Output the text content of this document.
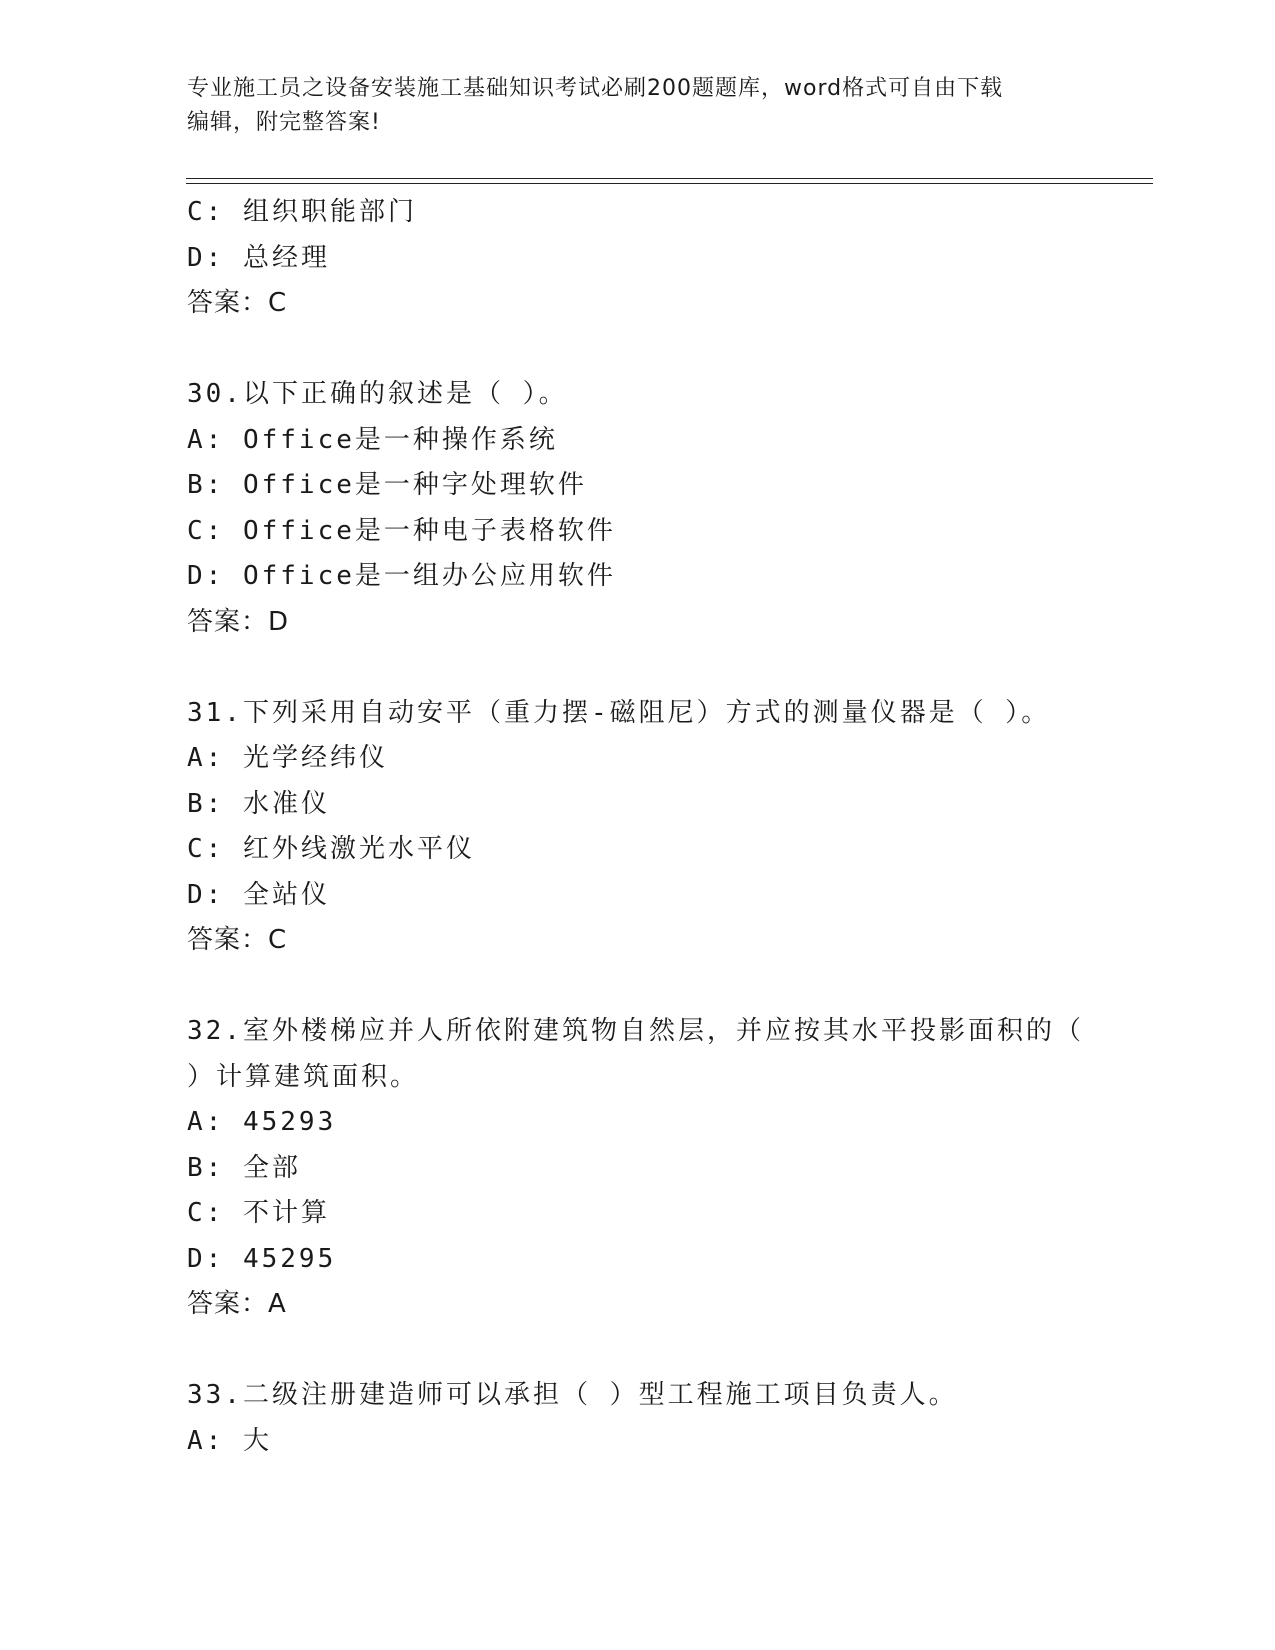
专业施工员之设备安装施工基础知识考试必刷200题题库，word格式可自由下载
编辑，附完整答案!
C: 组织职能部门
D: 总经理
答案：C
30.以下正确的叙述是（ ）。
A: Office是一种操作系统
B: Office是一种字处理软件
C: Office是一种电子表格软件
D: Office是一组办公应用软件
答案：D
31.下列采用自动安平（重力摆-磁阻尼）方式的测量仪器是（ ）。
A: 光学经纬仪
B: 水准仪
C: 红外线激光水平仪
D: 全站仪
答案：C
32.室外楼梯应并人所依附建筑物自然层，并应按其水平投影面积的（
）计算建筑面积。
A: 45293
B: 全部
C: 不计算
D: 45295
答案：A
33.二级注册建造师可以承担（ ）型工程施工项目负责人。
A: 大
